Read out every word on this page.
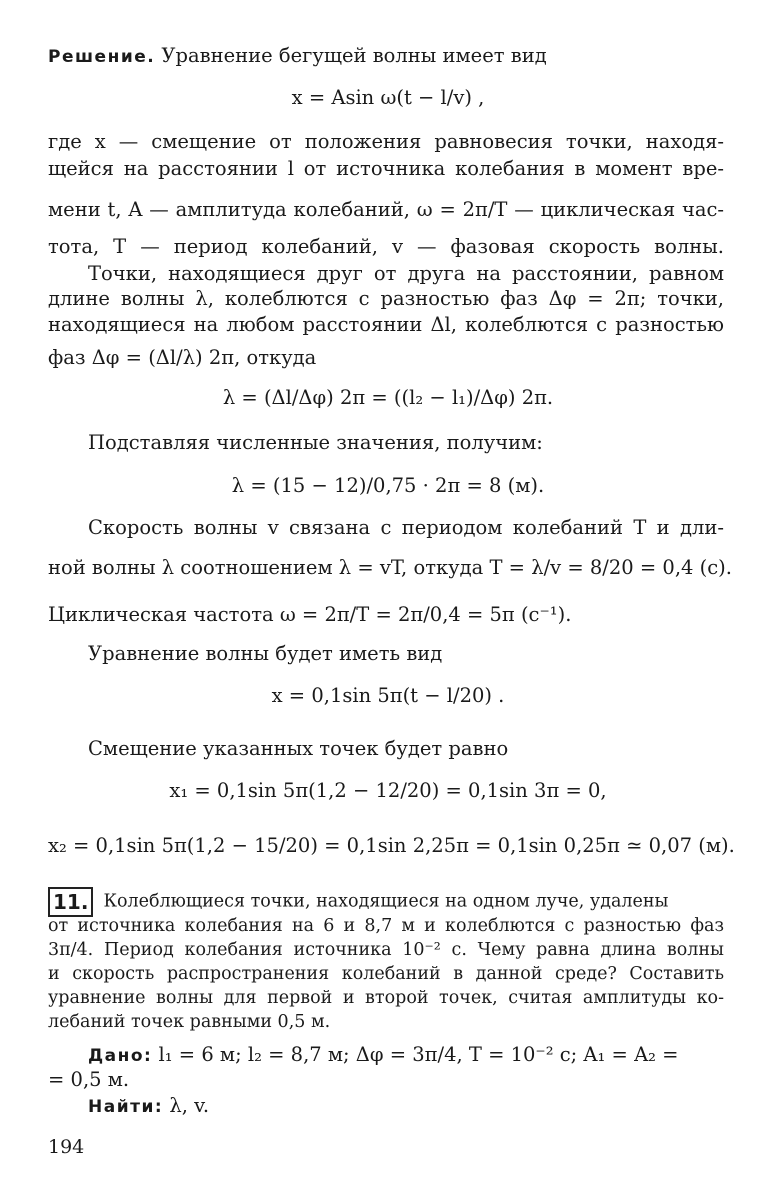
Решение. Уравнение бегущей волны имеет вид
x = Asin ω(t − l/v) ,
где x — смещение от положения равновесия точки, находя-
щейся на расстоянии l от источника колебания в момент вре-
мени t, A — амплитуда колебаний, ω = 2π/T — циклическая час-
тота, T — период колебаний, v — фазовая скорость волны.
Точки, находящиеся друг от друга на расстоянии, равном
длине волны λ, колеблются с разностью фаз Δφ = 2π; точки,
находящиеся на любом расстоянии Δl, колеблются с разностью
фаз Δφ = (Δl/λ) 2π, откуда
λ = (Δl/Δφ) 2π = ((l₂ − l₁)/Δφ) 2π.
Подставляя численные значения, получим:
λ = (15 − 12)/0,75 · 2π = 8 (м).
Скорость волны v связана с периодом колебаний T и дли-
ной волны λ соотношением λ = vT, откуда T = λ/v = 8/20 = 0,4 (с).
Циклическая частота ω = 2π/T = 2π/0,4 = 5π (с⁻¹).
Уравнение волны будет иметь вид
x = 0,1sin 5π(t − l/20) .
Смещение указанных точек будет равно
x₁ = 0,1sin 5π(1,2 − 12/20) = 0,1sin 3π = 0,
x₂ = 0,1sin 5π(1,2 − 15/20) = 0,1sin 2,25π = 0,1sin 0,25π ≃ 0,07 (м).
11. Колеблющиеся точки, находящиеся на одном луче, удалены
от источника колебания на 6 и 8,7 м и колеблются с разностью фаз
3π/4. Период колебания источника 10⁻² с. Чему равна длина волны
и скорость распространения колебаний в данной среде? Составить
уравнение волны для первой и второй точек, считая амплитуды ко-
лебаний точек равными 0,5 м.
Дано: l₁ = 6 м; l₂ = 8,7 м; Δφ = 3π/4, T = 10⁻² с; A₁ = A₂ =
= 0,5 м.
Найти: λ, v.
194
